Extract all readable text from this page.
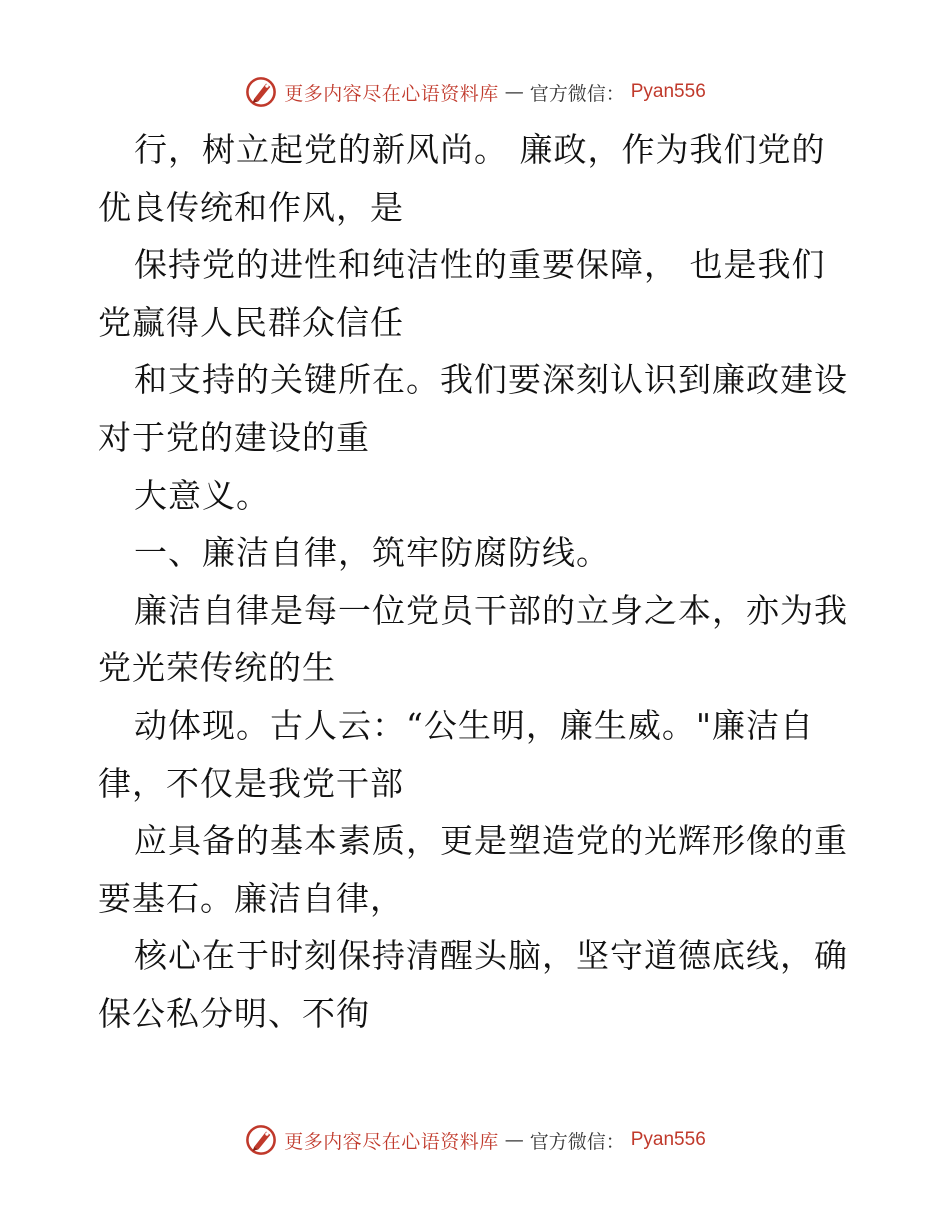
更多内容尽在心语资料库 — 官方微信： Pyan556
行，树立起党的新风尚。 廉政，作为我们党的
优良传统和作风，是
保持党的进性和纯洁性的重要保障， 也是我们
党赢得人民群众信任
和支持的关键所在。我们要深刻认识到廉政建设
对于党的建设的重
大意义。
一、廉洁自律，筑牢防腐防线。
廉洁自律是每一位党员干部的立身之本，亦为我
党光荣传统的生
动体现。古人云：“公生明，廉生威。"廉洁自
律，不仅是我党干部
应具备的基本素质，更是塑造党的光辉形像的重
要基石。廉洁自律，
核心在于时刻保持清醒头脑，坚守道德底线，确
保公私分明、不徇
更多内容尽在心语资料库 — 官方微信： Pyan556
